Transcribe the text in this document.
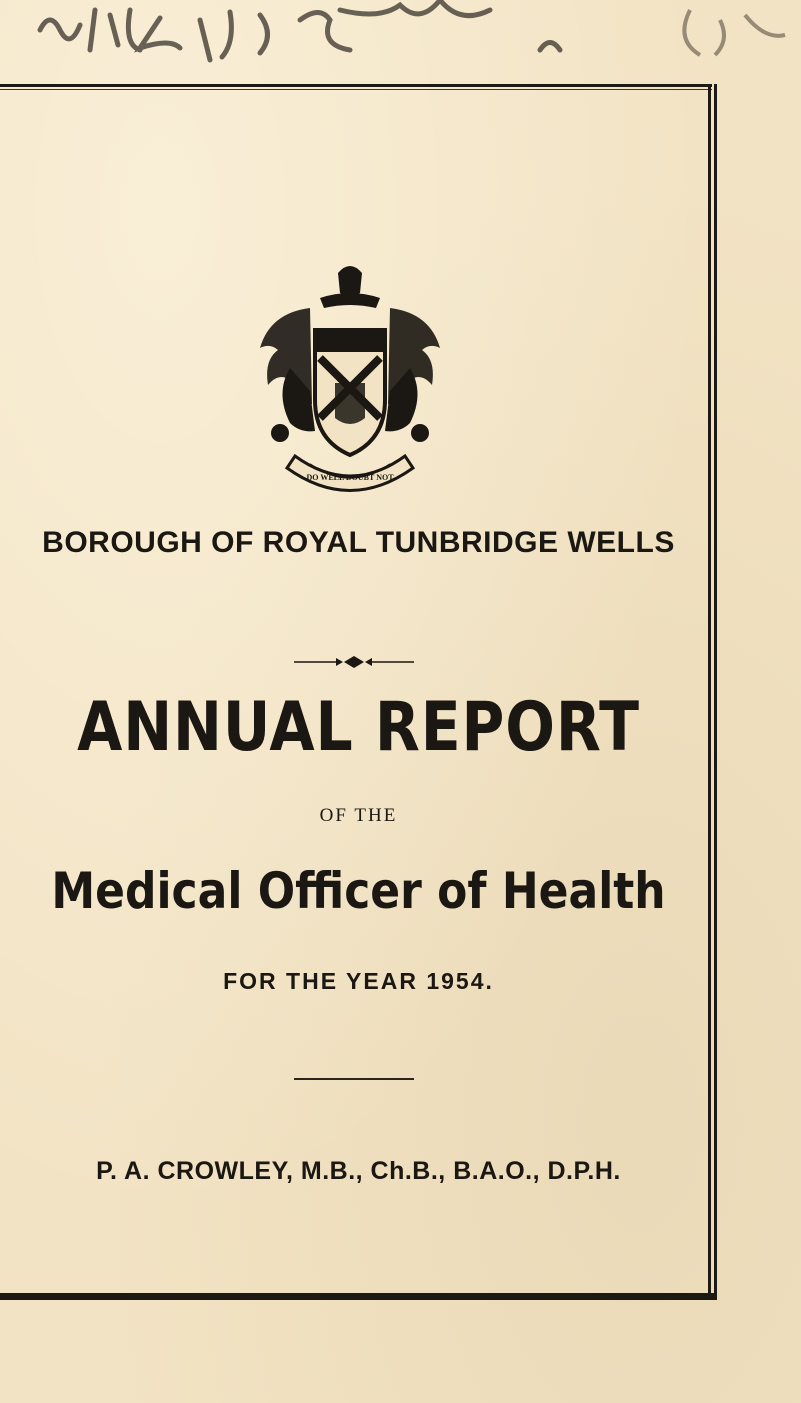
DO WELL DOUBT NOT
BOROUGH OF ROYAL TUNBRIDGE WELLS
ANNUAL REPORT

OF THE

Medical Officer of Health

FOR THE YEAR 1954.

P. A. CROWLEY, M.B., Ch.B., B.A.O., D.P.H.
